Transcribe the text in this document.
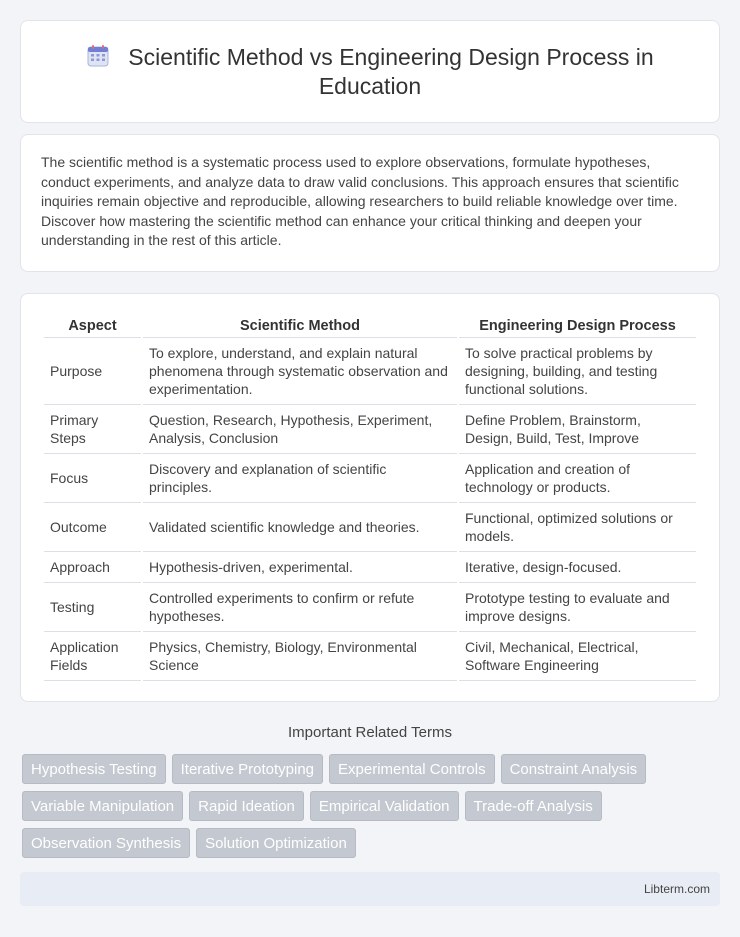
Scientific Method vs Engineering Design Process in Education

The scientific method is a systematic process used to explore observations, formulate hypotheses, conduct experiments, and analyze data to draw valid conclusions. This approach ensures that scientific inquiries remain objective and reproducible, allowing researchers to build reliable knowledge over time. Discover how mastering the scientific method can enhance your critical thinking and deepen your understanding in the rest of this article.

Aspect	Scientific Method	Engineering Design Process
Purpose	To explore, understand, and explain natural phenomena through systematic observation and experimentation.	To solve practical problems by designing, building, and testing functional solutions.
Primary Steps	Question, Research, Hypothesis, Experiment, Analysis, Conclusion	Define Problem, Brainstorm, Design, Build, Test, Improve
Focus	Discovery and explanation of scientific principles.	Application and creation of technology or products.
Outcome	Validated scientific knowledge and theories.	Functional, optimized solutions or models.
Approach	Hypothesis-driven, experimental.	Iterative, design-focused.
Testing	Controlled experiments to confirm or refute hypotheses.	Prototype testing to evaluate and improve designs.
Application Fields	Physics, Chemistry, Biology, Environmental Science	Civil, Mechanical, Electrical, Software Engineering
Important Related Terms
Hypothesis Testing	Iterative Prototyping	Experimental Controls	Constraint Analysis
Variable Manipulation	Rapid Ideation	Empirical Validation	Trade-off Analysis
Observation Synthesis	Solution Optimization
Libterm.com
